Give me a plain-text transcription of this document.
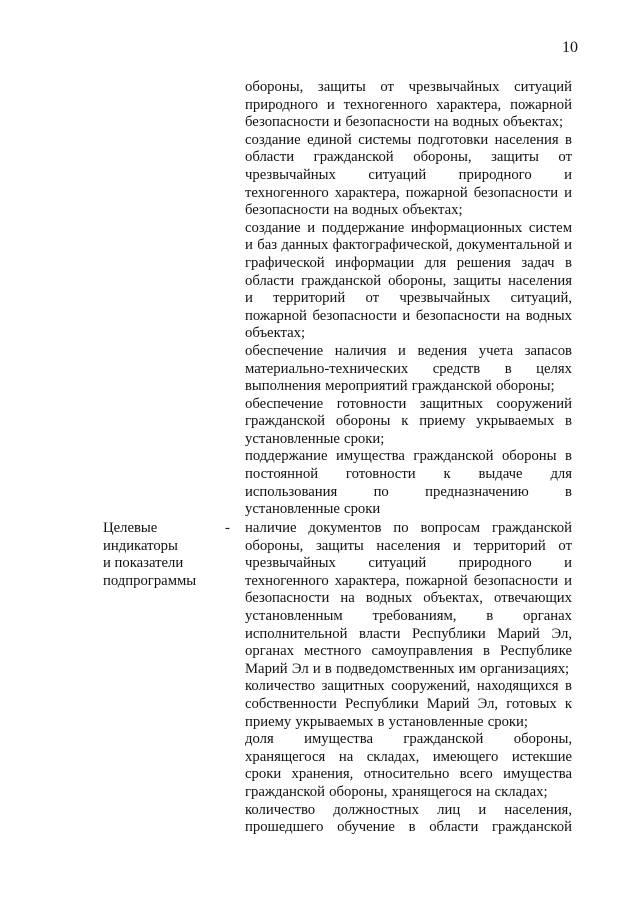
10

обороны, защиты от чрезвычайных ситуаций природного и техногенного характера, пожарной безопасности и безопасности на водных объектах;

создание единой системы подготовки населения в области гражданской обороны, защиты от чрезвычайных ситуаций природного и техногенного характера, пожарной безопасности и безопасности на водных объектах;

создание и поддержание информационных систем и баз данных фактографической, документальной и графической информации для решения задач в области гражданской обороны, защиты населения и территорий от чрезвычайных ситуаций, пожарной безопасности и безопасности на водных объектах;

обеспечение наличия и ведения учета запасов материально-технических средств в целях выполнения мероприятий гражданской обороны;

обеспечение готовности защитных сооружений гражданской обороны к приему укрываемых в установленные сроки;

поддержание имущества гражданской обороны в постоянной готовности к выдаче для использования по предназначению в установленные сроки

Целевые
индикаторы
и показатели
подпрограммы
- наличие документов по вопросам гражданской обороны, защиты населения и территорий от чрезвычайных ситуаций природного и техногенного характера, пожарной безопасности и безопасности на водных объектах, отвечающих установленным требованиям, в органах исполнительной власти Республики Марий Эл, органах местного самоуправления в Республике Марий Эл и в подведомственных им организациях;

количество защитных сооружений, находящихся в собственности Республики Марий Эл, готовых к приему укрываемых в установленные сроки;

доля имущества гражданской обороны, хранящегося на складах, имеющего истекшие сроки хранения, относительно всего имущества гражданской обороны, хранящегося на складах;

количество должностных лиц и населения, прошедшего обучение в области гражданской
